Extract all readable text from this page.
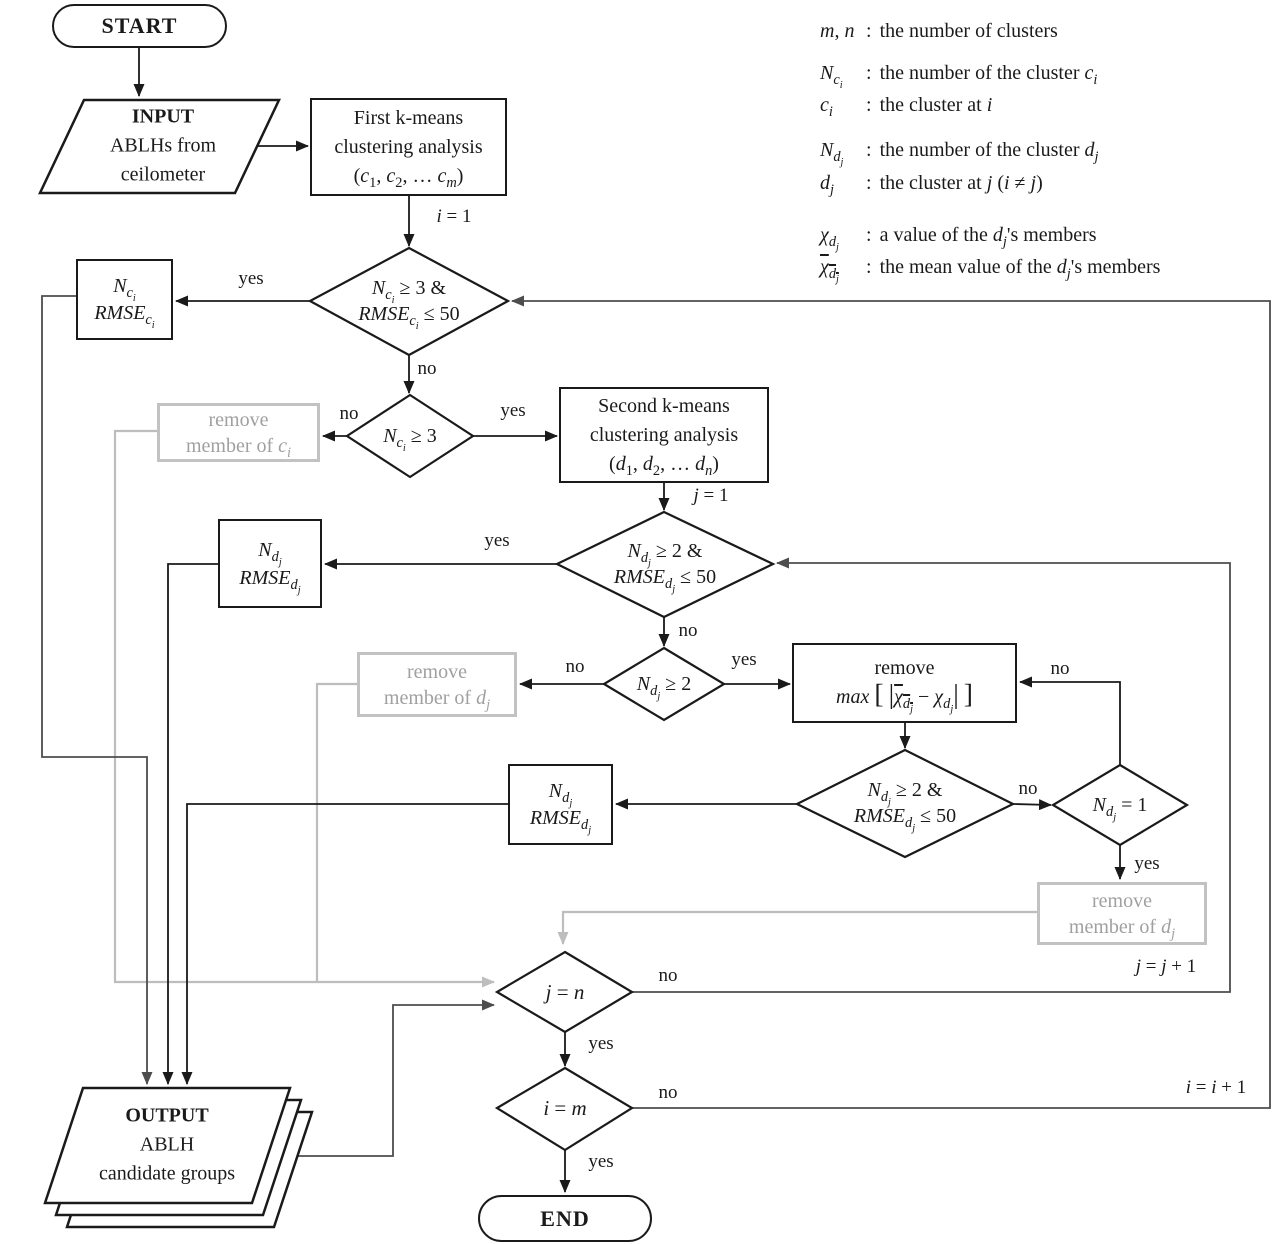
START
END
First k-means
clustering analysis
($c_1$, $c_2$, … $c_m$)
$N_{c_i}$
$RMSE_{c_i}$
remove
member of $c_i$
Second k-means
clustering analysis
($d_1$, $d_2$, … $d_n$)
$N_{d_j}$
$RMSE_{d_j}$
remove
member of $d_j$
remove
max [ $|\chi_{d_j} - \chi_{d_j}|$ ]
$N_{d_j}$
$RMSE_{d_j}$
remove
member of $d_j$
INPUT
ABLHs from
ceilometer
OUTPUT
ABLH
candidate groups
$N_{c_i} \ge 3$ &
$RMSE_{c_i} \le 50$
$N_{c_i} \ge 3$
$N_{d_j} \ge 2$ &
$RMSE_{d_j} \le 50$
$N_{d_j} \ge 2$
$N_{d_j} \ge 2$ &
$RMSE_{d_j} \le 50$	$N_{d_j} = 1$
j = n
i = m
yes
no
no	yes
i = 1
j = 1
yes
no
no	yes
no
no
yes
no
yes
no
yes
j = j + 1
i = i + 1
m, n : the number of clusters
$N_{c_i}$
: the number of the cluster $c_i$
$c_i$	: the cluster at i
$N_{d_j}$
: the number of the cluster $d_j$
$d_j$	: the cluster at j (i ≠ j)
$\chi_{d_j}$
: a value of the $d_j's$ members
$\chi_{d_j}$
: the mean value of the $d_j's$ members
